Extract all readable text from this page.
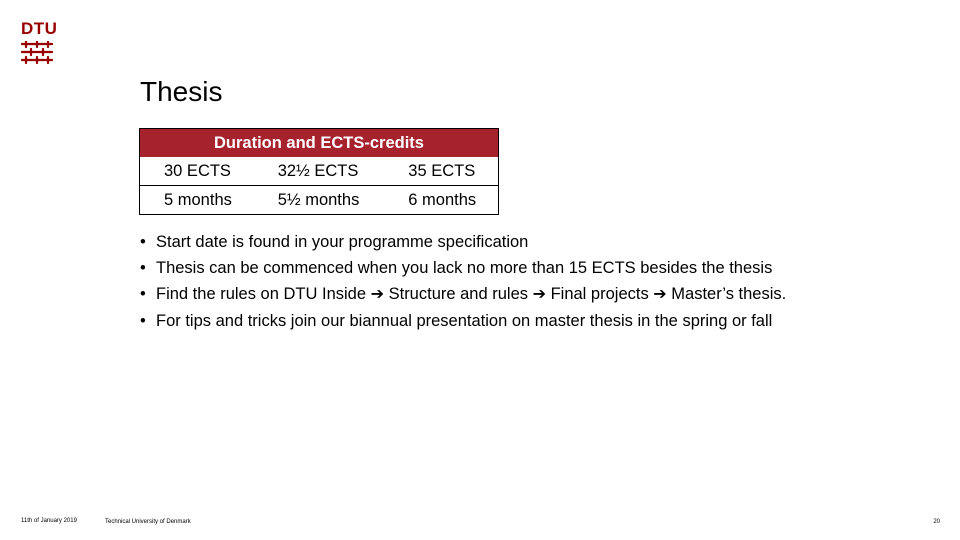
DTU
Thesis
Duration and ECTS-credits		
30 ECTS	32½ ECTS	35 ECTS
5 months	5½ months	6 months
• Start date is found in your programme specification
• Thesis can be commenced when you lack no more than 15 ECTS besides the thesis
• Find the rules on DTU Inside ➔ Structure and rules ➔ Final projects ➔ Master’s thesis.
• For tips and tricks join our biannual presentation on master thesis in the spring or fall
11th of January 2019	Technical University of Denmark	20
